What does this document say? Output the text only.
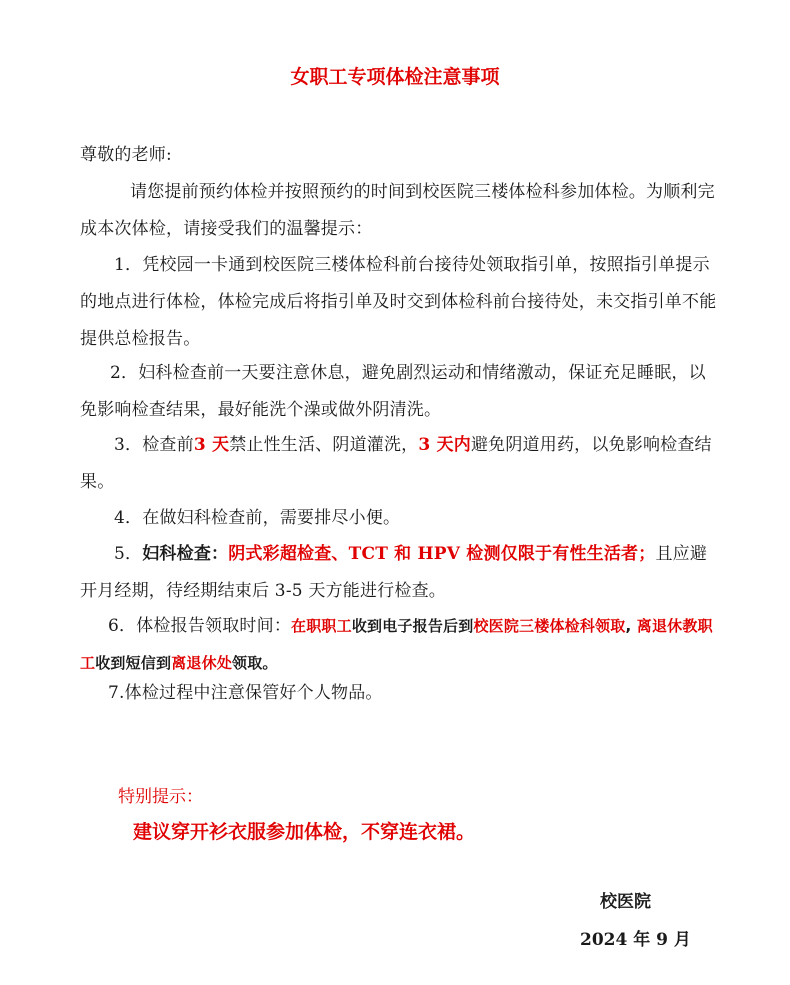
女职工专项体检注意事项
尊敬的老师:
请您提前预约体检并按照预约的时间到校医院三楼体检科参加体检。为顺利完成本次体检，请接受我们的温馨提示：
1．凭校园一卡通到校医院三楼体检科前台接待处领取指引单，按照指引单提示的地点进行体检，体检完成后将指引单及时交到体检科前台接待处，未交指引单不能提供总检报告。
2．妇科检查前一天要注意休息，避免剧烈运动和情绪激动，保证充足睡眠，以免影响检查结果，最好能洗个澡或做外阴清洗。
3．检查前3 天禁止性生活、阴道灌洗，3 天内避免阴道用药，以免影响检查结果。
4．在做妇科检查前，需要排尽小便。
5．妇科检查：阴式彩超检查、TCT 和 HPV 检测仅限于有性生活者；且应避开月经期，待经期结束后 3-5 天方能进行检查。
6．体检报告领取时间：在职职工收到电子报告后到校医院三楼体检科领取, 离退休教职工收到短信到离退休处领取。
7.体检过程中注意保管好个人物品。
特别提示：
建议穿开衫衣服参加体检，不穿连衣裙。
校医院
2024 年 9 月
